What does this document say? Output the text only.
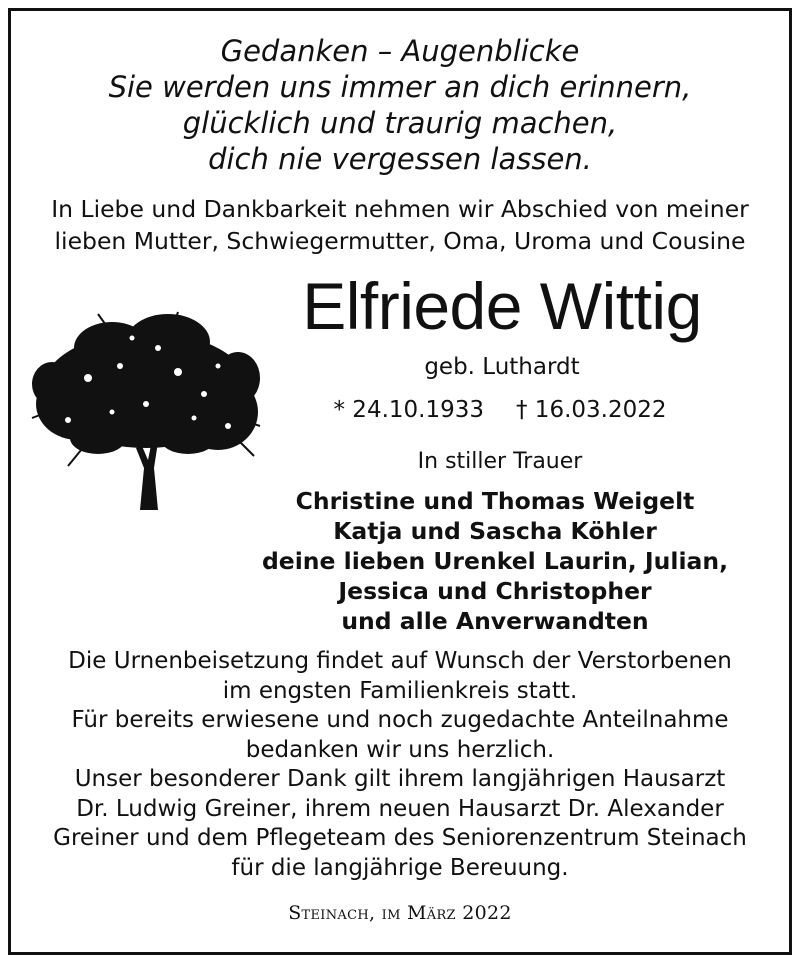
Gedanken – Augenblicke
Sie werden uns immer an dich erinnern,
glücklich und traurig machen,
dich nie vergessen lassen.
In Liebe und Dankbarkeit nehmen wir Abschied von meiner
lieben Mutter, Schwiegermutter, Oma, Uroma und Cousine
Elfriede Wittig
geb. Luthardt
* 24.10.1933 † 16.03.2022
In stiller Trauer
Christine und Thomas Weigelt
Katja und Sascha Köhler
deine lieben Urenkel Laurin, Julian,
Jessica und Christopher
und alle Anverwandten
Die Urnenbeisetzung findet auf Wunsch der Verstorbenen
im engsten Familienkreis statt.
Für bereits erwiesene und noch zugedachte Anteilnahme
bedanken wir uns herzlich.
Unser besonderer Dank gilt ihrem langjährigen Hausarzt
Dr. Ludwig Greiner, ihrem neuen Hausarzt Dr. Alexander
Greiner und dem Pflegeteam des Seniorenzentrum Steinach
für die langjährige Bereuung.
Steinach, im März 2022
